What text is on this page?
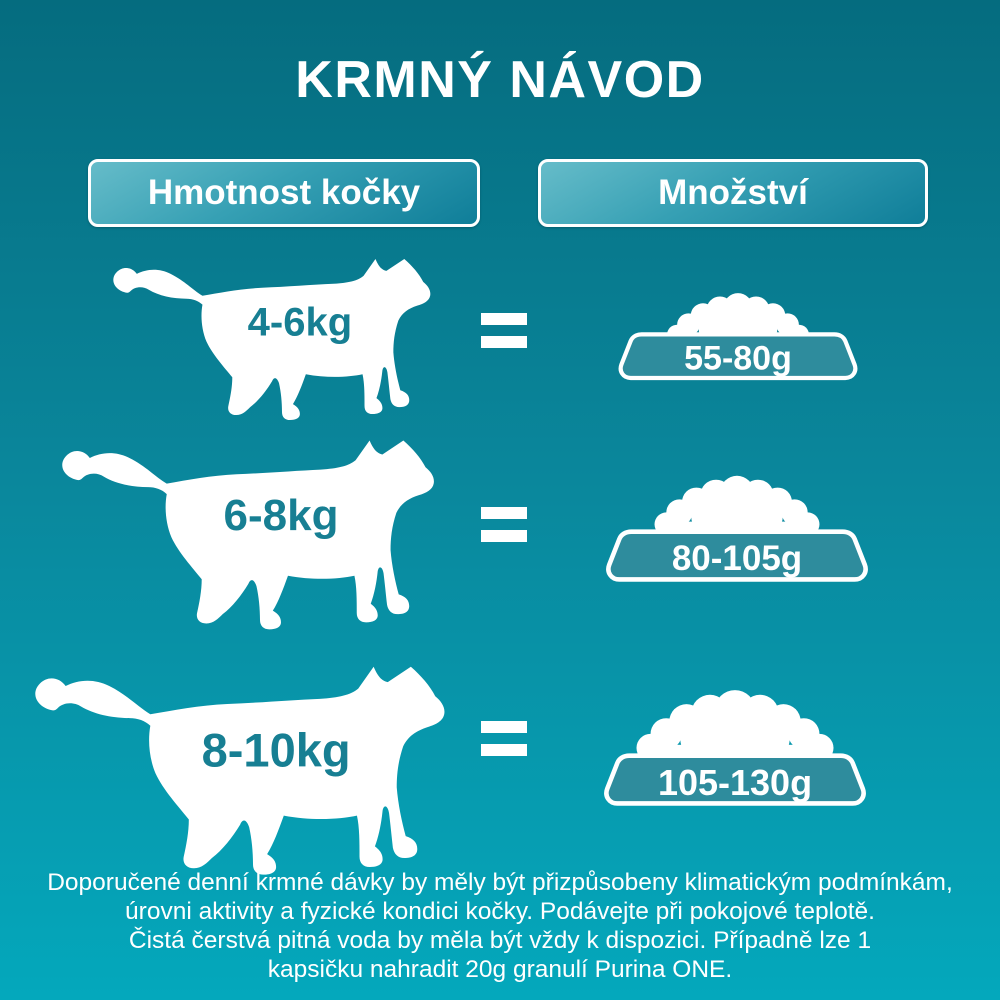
KRMNÝ NÁVOD
Hmotnost kočky	Množství
4-6kg
55-80g
6-8kg
80-105g
8-10kg
105-130g
Doporučené denní krmné dávky by měly být přizpůsobeny klimatickým podmínkám,
úrovni aktivity a fyzické kondici kočky. Podávejte při pokojové teplotě.
Čistá čerstvá pitná voda by měla být vždy k dispozici. Případně lze 1
kapsičku nahradit 20g granulí Purina ONE.
